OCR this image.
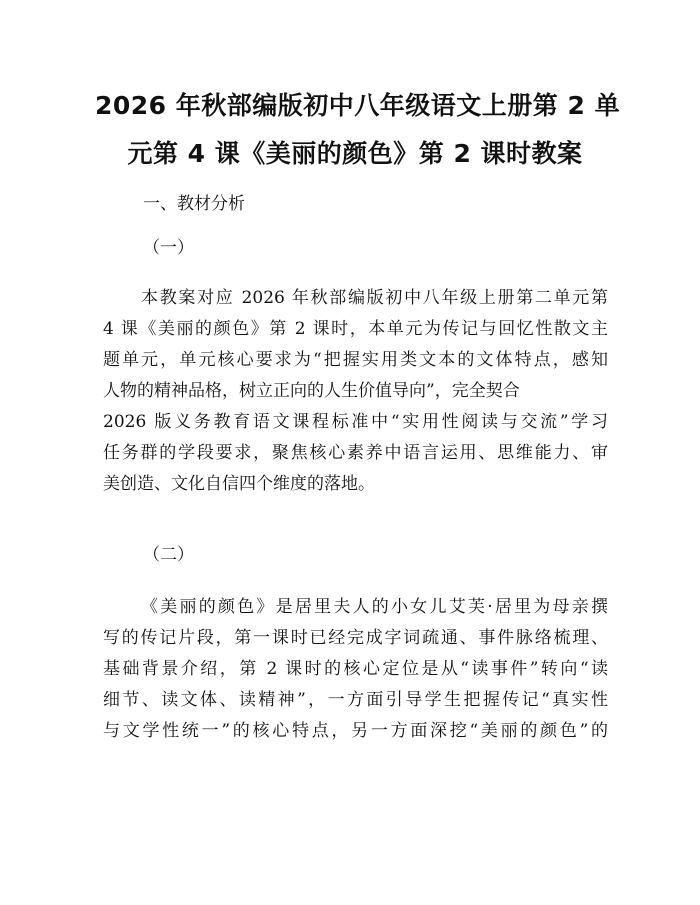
2026 年秋部编版初中八年级语文上册第 2 单
元第 4 课《美丽的颜色》第 2 课时教案

一、教材分析

（一）

本教案对应 2026 年秋部编版初中八年级上册第二单元第
4 课《美丽的颜色》第 2 课时，本单元为传记与回忆性散文主
题单元，单元核心要求为“把握实用类文本的文体特点，感知
人物的精神品格，树立正向的人生价值导向”，完全契合
2026 版义务教育语文课程标准中“实用性阅读与交流”学习
任务群的学段要求，聚焦核心素养中语言运用、思维能力、审
美创造、文化自信四个维度的落地。

（二）

《美丽的颜色》是居里夫人的小女儿艾芙·居里为母亲撰
写的传记片段，第一课时已经完成字词疏通、事件脉络梳理、
基础背景介绍，第 2 课时的核心定位是从“读事件”转向“读
细节、读文体、读精神”，一方面引导学生把握传记“真实性
与文学性统一”的核心特点，另一方面深挖“美丽的颜色”的
